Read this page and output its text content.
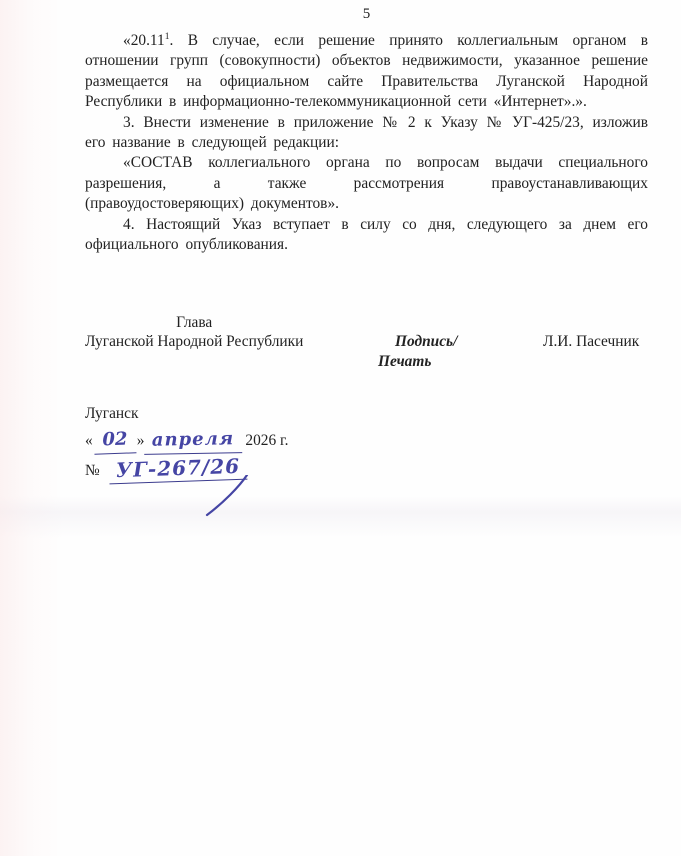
5

«20.11$^1$. В случае, если решение принято коллегиальным органом в отношении групп (совокупности) объектов недвижимости, указанное решение размещается на официальном сайте Правительства Луганской Народной Республики в информационно-телекоммуникационной сети «Интернет».».

3. Внести изменение в приложение № 2 к Указу № УГ-425/23, изложив его название в следующей редакции:

«СОСТАВ коллегиального органа по вопросам выдачи специального разрешения, а также рассмотрения правоустанавливающих (правоудостоверяющих) документов».

4. Настоящий Указ вступает в силу со дня, следующего за днем его официального опубликования.

Глава
Луганской Народной Республики	Подпись/
Печать
Л.И. Пасечник
Луганск
« 02 » апреля 2026 г.
№ УГ-267/26
